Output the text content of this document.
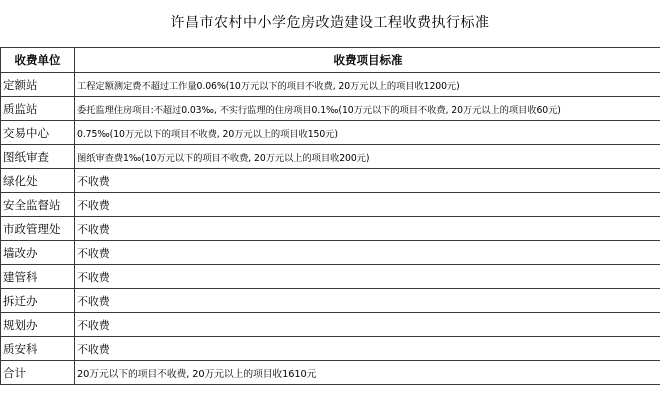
许昌市农村中小学危房改造建设工程收费执行标准
收费单位	收费项目标准
定额站	工程定额测定费不超过工作量0.06%(10万元以下的项目不收费, 20万元以上的项目收1200元)
质监站	委托监理住房项目:不超过0.03‰, 不实行监理的住房项目0.1‰(10万元以下的项目不收费, 20万元以上的项目收60元)
交易中心	0.75‰(10万元以下的项目不收费, 20万元以上的项目收150元)
图纸审查	图纸审查费1‰(10万元以下的项目不收费, 20万元以上的项目收200元)
绿化处	不收费
安全监督站	不收费
市政管理处	不收费
墙改办	不收费
建管科	不收费
拆迁办	不收费
规划办	不收费
质安科	不收费
合计	20万元以下的项目不收费, 20万元以上的项目收1610元
